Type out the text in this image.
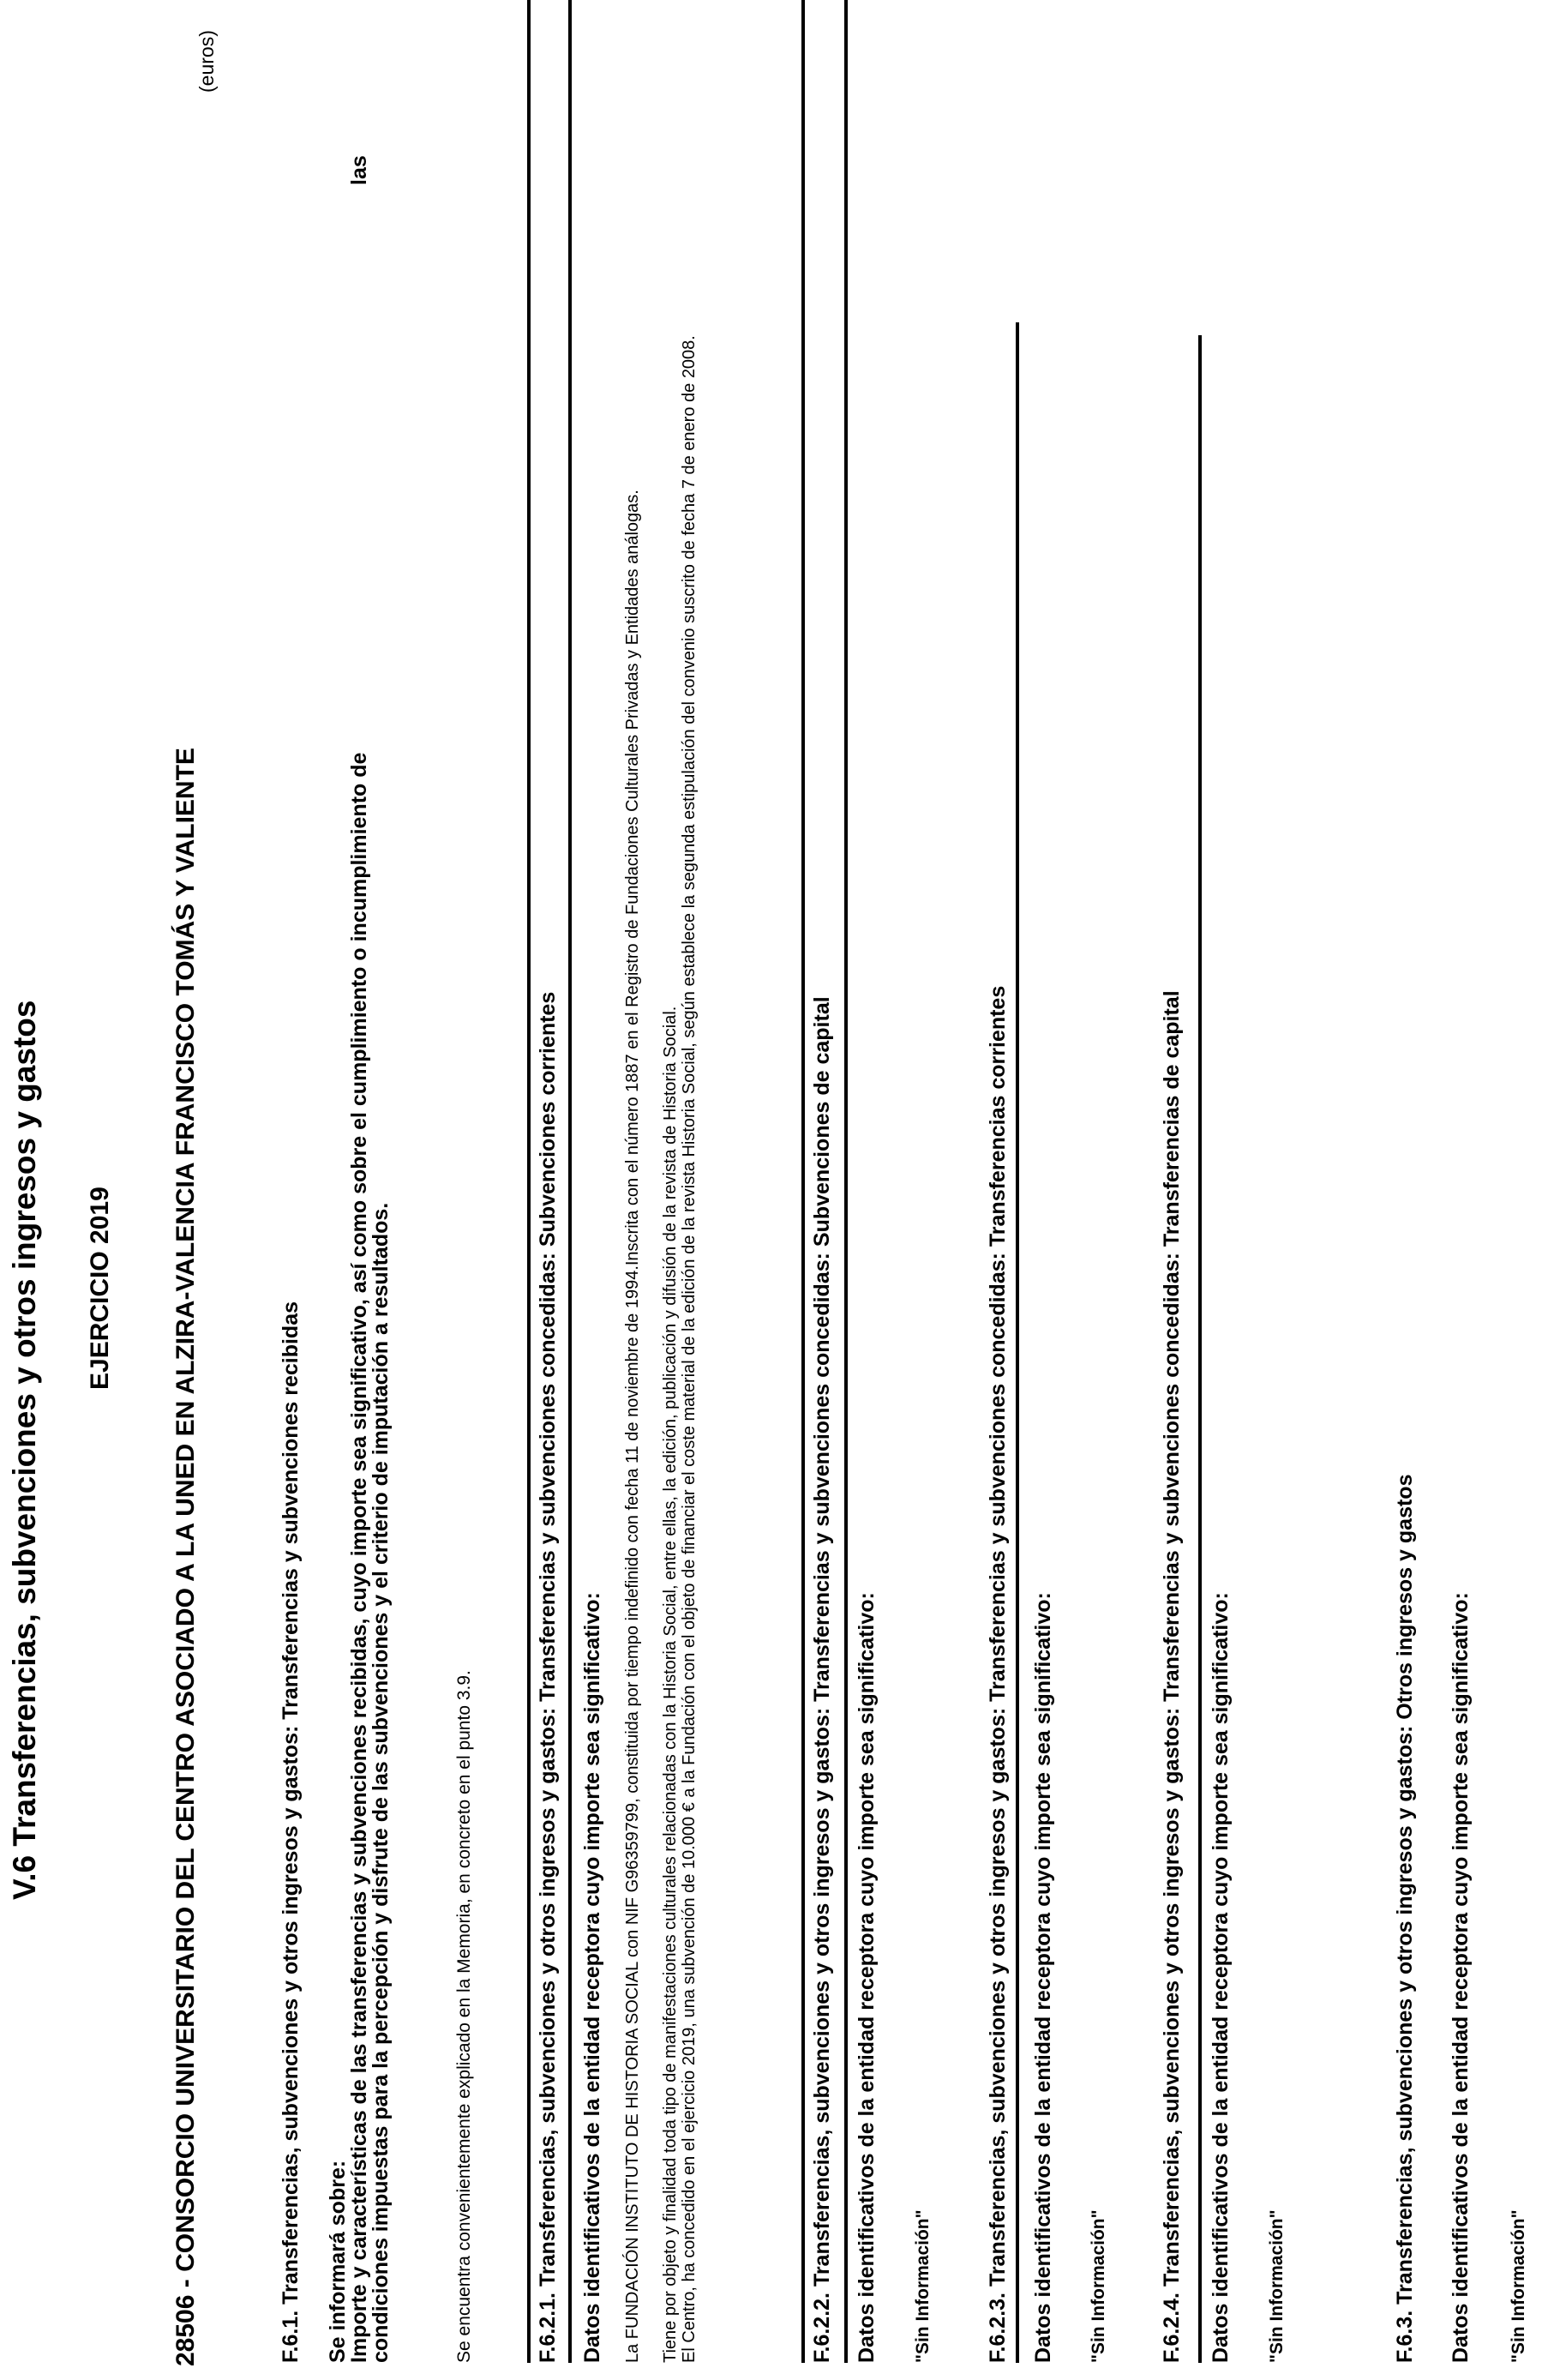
V.6 Transferencias, subvenciones y otros ingresos y gastos
(euros)
EJERCICIO 2019 28506 - CONSORCIO UNIVERSITARIO DEL CENTRO ASOCIADO A LA UNED EN ALZIRA-VALENCIA FRANCISCO TOMÁS Y VALIENTE	F.6.1. Transferencias, subvenciones y otros ingresos y gastos: Transferencias y subvenciones recibidas Se informará sobre:
Importe y características de las transferencias y subvenciones recibidas, cuyo importe sea significativo, así como sobre el cumplimiento o incumplimiento de
las
condiciones impuestas para la percepción y disfrute de las subvenciones y el criterio de imputación a resultados.	Se encuentra convenientemente explicado en la Memoria, en concreto en el punto 3.9.	F.6.2.1. Transferencias, subvenciones y otros ingresos y gastos: Transferencias y subvenciones concedidas: Subvenciones corrientes Datos identificativos de la entidad receptora cuyo importe sea significativo: La FUNDACIÓN INSTITUTO DE HISTORIA SOCIAL con NIF G96359799, constituida por tiempo indefinido con fecha 11 de noviembre de 1994.Inscrita con el número 1887 en el Registro de Fundaciones Culturales Privadas y Entidades análogas. Tiene por objeto y finalidad toda tipo de manifestaciones culturales relacionadas con la Historia Social, entre ellas, la edición, publicación y difusión de la revista de Historia Social. El Centro, ha concedido en el ejercicio 2019, una subvención de 10.000 € a la Fundación con el objeto de financiar el coste material de la edición de la revista Historia Social, según establece la segunda estipulación del convenio suscrito de fecha 7 de enero de 2008.	F.6.2.2. Transferencias, subvenciones y otros ingresos y gastos: Transferencias y subvenciones concedidas: Subvenciones de capital Datos identificativos de la entidad receptora cuyo importe sea significativo: "Sin Información" F.6.2.3. Transferencias, subvenciones y otros ingresos y gastos: Transferencias y subvenciones concedidas: Transferencias corrientes Datos identificativos de la entidad receptora cuyo importe sea significativo: "Sin Información" F.6.2.4. Transferencias, subvenciones y otros ingresos y gastos: Transferencias y subvenciones concedidas: Transferencias de capital Datos identificativos de la entidad receptora cuyo importe sea significativo: "Sin Información"	F.6.3. Transferencias, subvenciones y otros ingresos y gastos: Otros ingresos y gastos Datos identificativos de la entidad receptora cuyo importe sea significativo: "Sin Información"
